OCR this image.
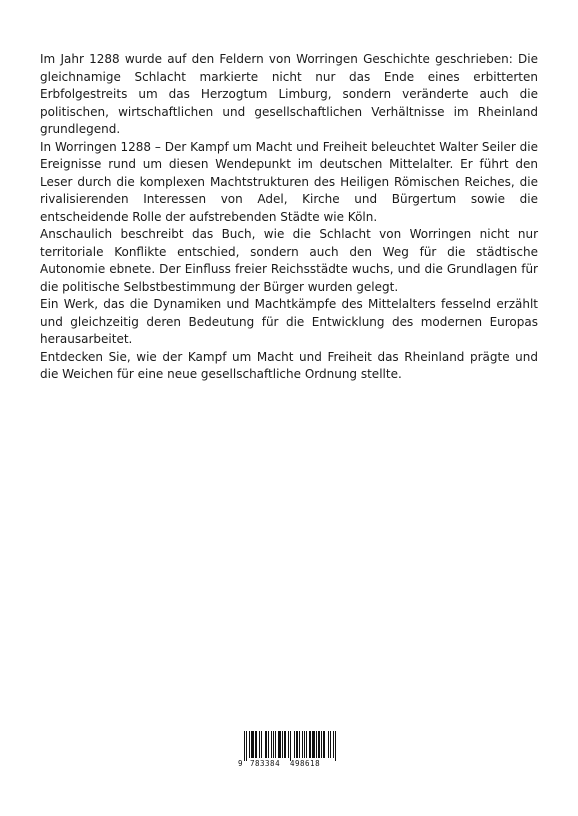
Im Jahr 1288 wurde auf den Feldern von Worringen Geschichte geschrieben: Die gleichnamige Schlacht markierte nicht nur das Ende eines erbitterten Erbfolgestreits um das Herzogtum Limburg, sondern veränderte auch die politischen, wirtschaftlichen und gesellschaftlichen Verhältnisse im Rheinland grundlegend.

In Worringen 1288 – Der Kampf um Macht und Freiheit beleuchtet Walter Seiler die Ereignisse rund um diesen Wendepunkt im deutschen Mittelalter. Er führt den Leser durch die komplexen Machtstrukturen des Heiligen Römischen Reiches, die rivalisierenden Interessen von Adel, Kirche und Bürgertum sowie die entscheidende Rolle der aufstrebenden Städte wie Köln.

Anschaulich beschreibt das Buch, wie die Schlacht von Worringen nicht nur territoriale Konflikte entschied, sondern auch den Weg für die städtische Autonomie ebnete. Der Einfluss freier Reichsstädte wuchs, und die Grundlagen für die politische Selbstbestimmung der Bürger wurden gelegt.

Ein Werk, das die Dynamiken und Machtkämpfe des Mittelalters fesselnd erzählt und gleichzeitig deren Bedeutung für die Entwicklung des modernen Europas herausarbeitet.

Entdecken Sie, wie der Kampf um Macht und Freiheit das Rheinland prägte und die Weichen für eine neue gesellschaftliche Ordnung stellte.

9 783384 498618
